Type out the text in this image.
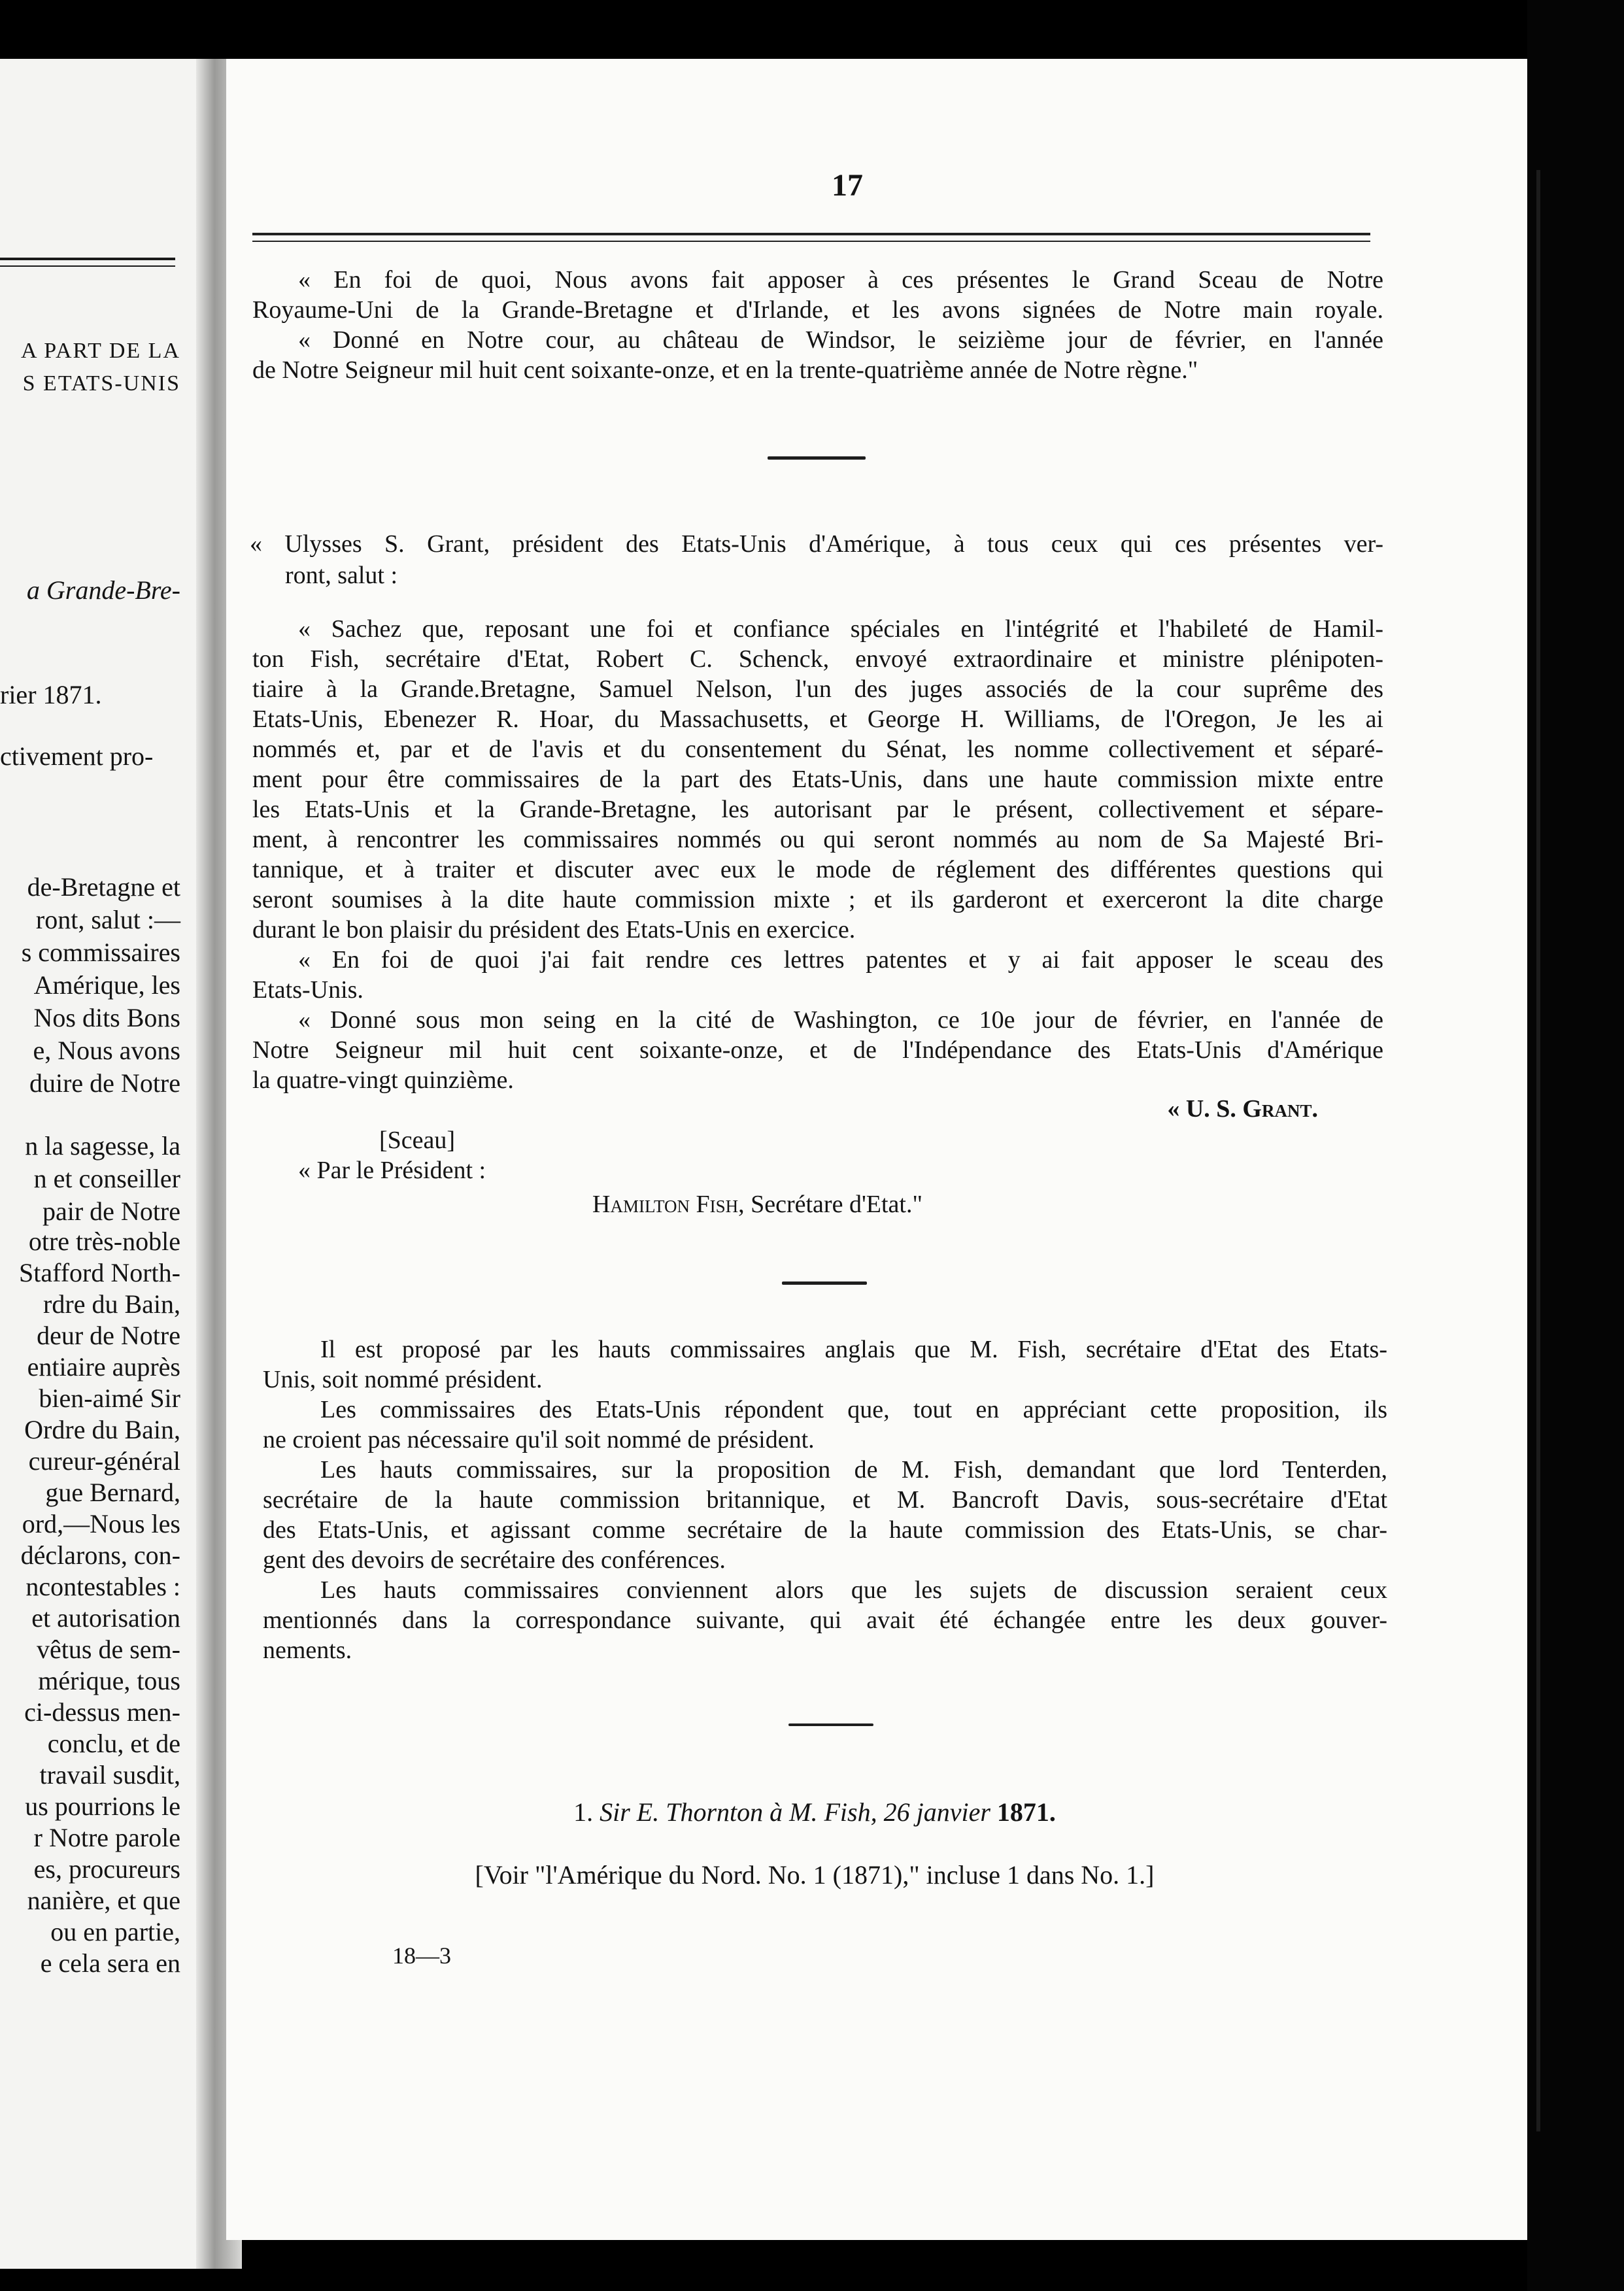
A PART DE LA
S ETATS-UNIS
a Grande-Bre-
rier 1871.
ctivement pro-
de-Bretagne et
ront, salut :—
s commissaires
Amérique, les
Nos dits Bons
e, Nous avons
duire de Notre
n la sagesse, la
n et conseiller
pair de Notre
otre très-noble
Stafford North-
rdre du Bain,
deur de Notre
entiaire auprès
bien-aimé Sir
Ordre du Bain,
cureur-général
gue Bernard,
ord,—Nous les
déclarons, con-
ncontestables :
et autorisation
vêtus de sem-
mérique, tous
ci-dessus men-
conclu, et de
travail susdit,
us pourrions le
r Notre parole
es, procureurs
nanière, et que
ou en partie,
e cela sera en
17
« En foi de quoi, Nous avons fait apposer à ces présentes le Grand Sceau de Notre
Royaume-Uni de la Grande-Bretagne et d'Irlande, et les avons signées de Notre main royale.
« Donné en Notre cour, au château de Windsor, le seizième jour de février, en l'année
de Notre Seigneur mil huit cent soixante-onze, et en la trente-quatrième année de Notre règne."
« Ulysses S. Grant, président des Etats-Unis d'Amérique, à tous ceux qui ces présentes ver-
ront, salut :
« Sachez que, reposant une foi et confiance spéciales en l'intégrité et l'habileté de Hamil-
ton Fish, secrétaire d'Etat, Robert C. Schenck, envoyé extraordinaire et ministre plénipoten-
tiaire à la Grande.Bretagne, Samuel Nelson, l'un des juges associés de la cour suprême des
Etats-Unis, Ebenezer R. Hoar, du Massachusetts, et George H. Williams, de l'Oregon, Je les ai
nommés et, par et de l'avis et du consentement du Sénat, les nomme collectivement et séparé-
ment pour être commissaires de la part des Etats-Unis, dans une haute commission mixte entre
les Etats-Unis et la Grande-Bretagne, les autorisant par le présent, collectivement et sépare-
ment, à rencontrer les commissaires nommés ou qui seront nommés au nom de Sa Majesté Bri-
tannique, et à traiter et discuter avec eux le mode de réglement des différentes questions qui
seront soumises à la dite haute commission mixte ; et ils garderont et exerceront la dite charge
durant le bon plaisir du président des Etats-Unis en exercice.
« En foi de quoi j'ai fait rendre ces lettres patentes et y ai fait apposer le sceau des
Etats-Unis.
« Donné sous mon seing en la cité de Washington, ce 10e jour de février, en l'année de
Notre Seigneur mil huit cent soixante-onze, et de l'Indépendance des Etats-Unis d'Amérique
la quatre-vingt quinzième.
Il est proposé par les hauts commissaires anglais que M. Fish, secrétaire d'Etat des Etats-
Unis, soit nommé président.
Les commissaires des Etats-Unis répondent que, tout en appréciant cette proposition, ils
ne croient pas nécessaire qu'il soit nommé de président.
Les hauts commissaires, sur la proposition de M. Fish, demandant que lord Tenterden,
secrétaire de la haute commission britannique, et M. Bancroft Davis, sous-secrétaire d'Etat
des Etats-Unis, et agissant comme secrétaire de la haute commission des Etats-Unis, se char-
gent des devoirs de secrétaire des conférences.
Les hauts commissaires conviennent alors que les sujets de discussion seraient ceux
mentionnés dans la correspondance suivante, qui avait été échangée entre les deux gouver-
nements.
« U. S. Grant.
[Sceau]
« Par le Président :
Hamilton Fish, Secrétare d'Etat."
1. Sir E. Thornton à M. Fish, 26 janvier 1871.
[Voir "l'Amérique du Nord. No. 1 (1871)," incluse 1 dans No. 1.]
18—3
